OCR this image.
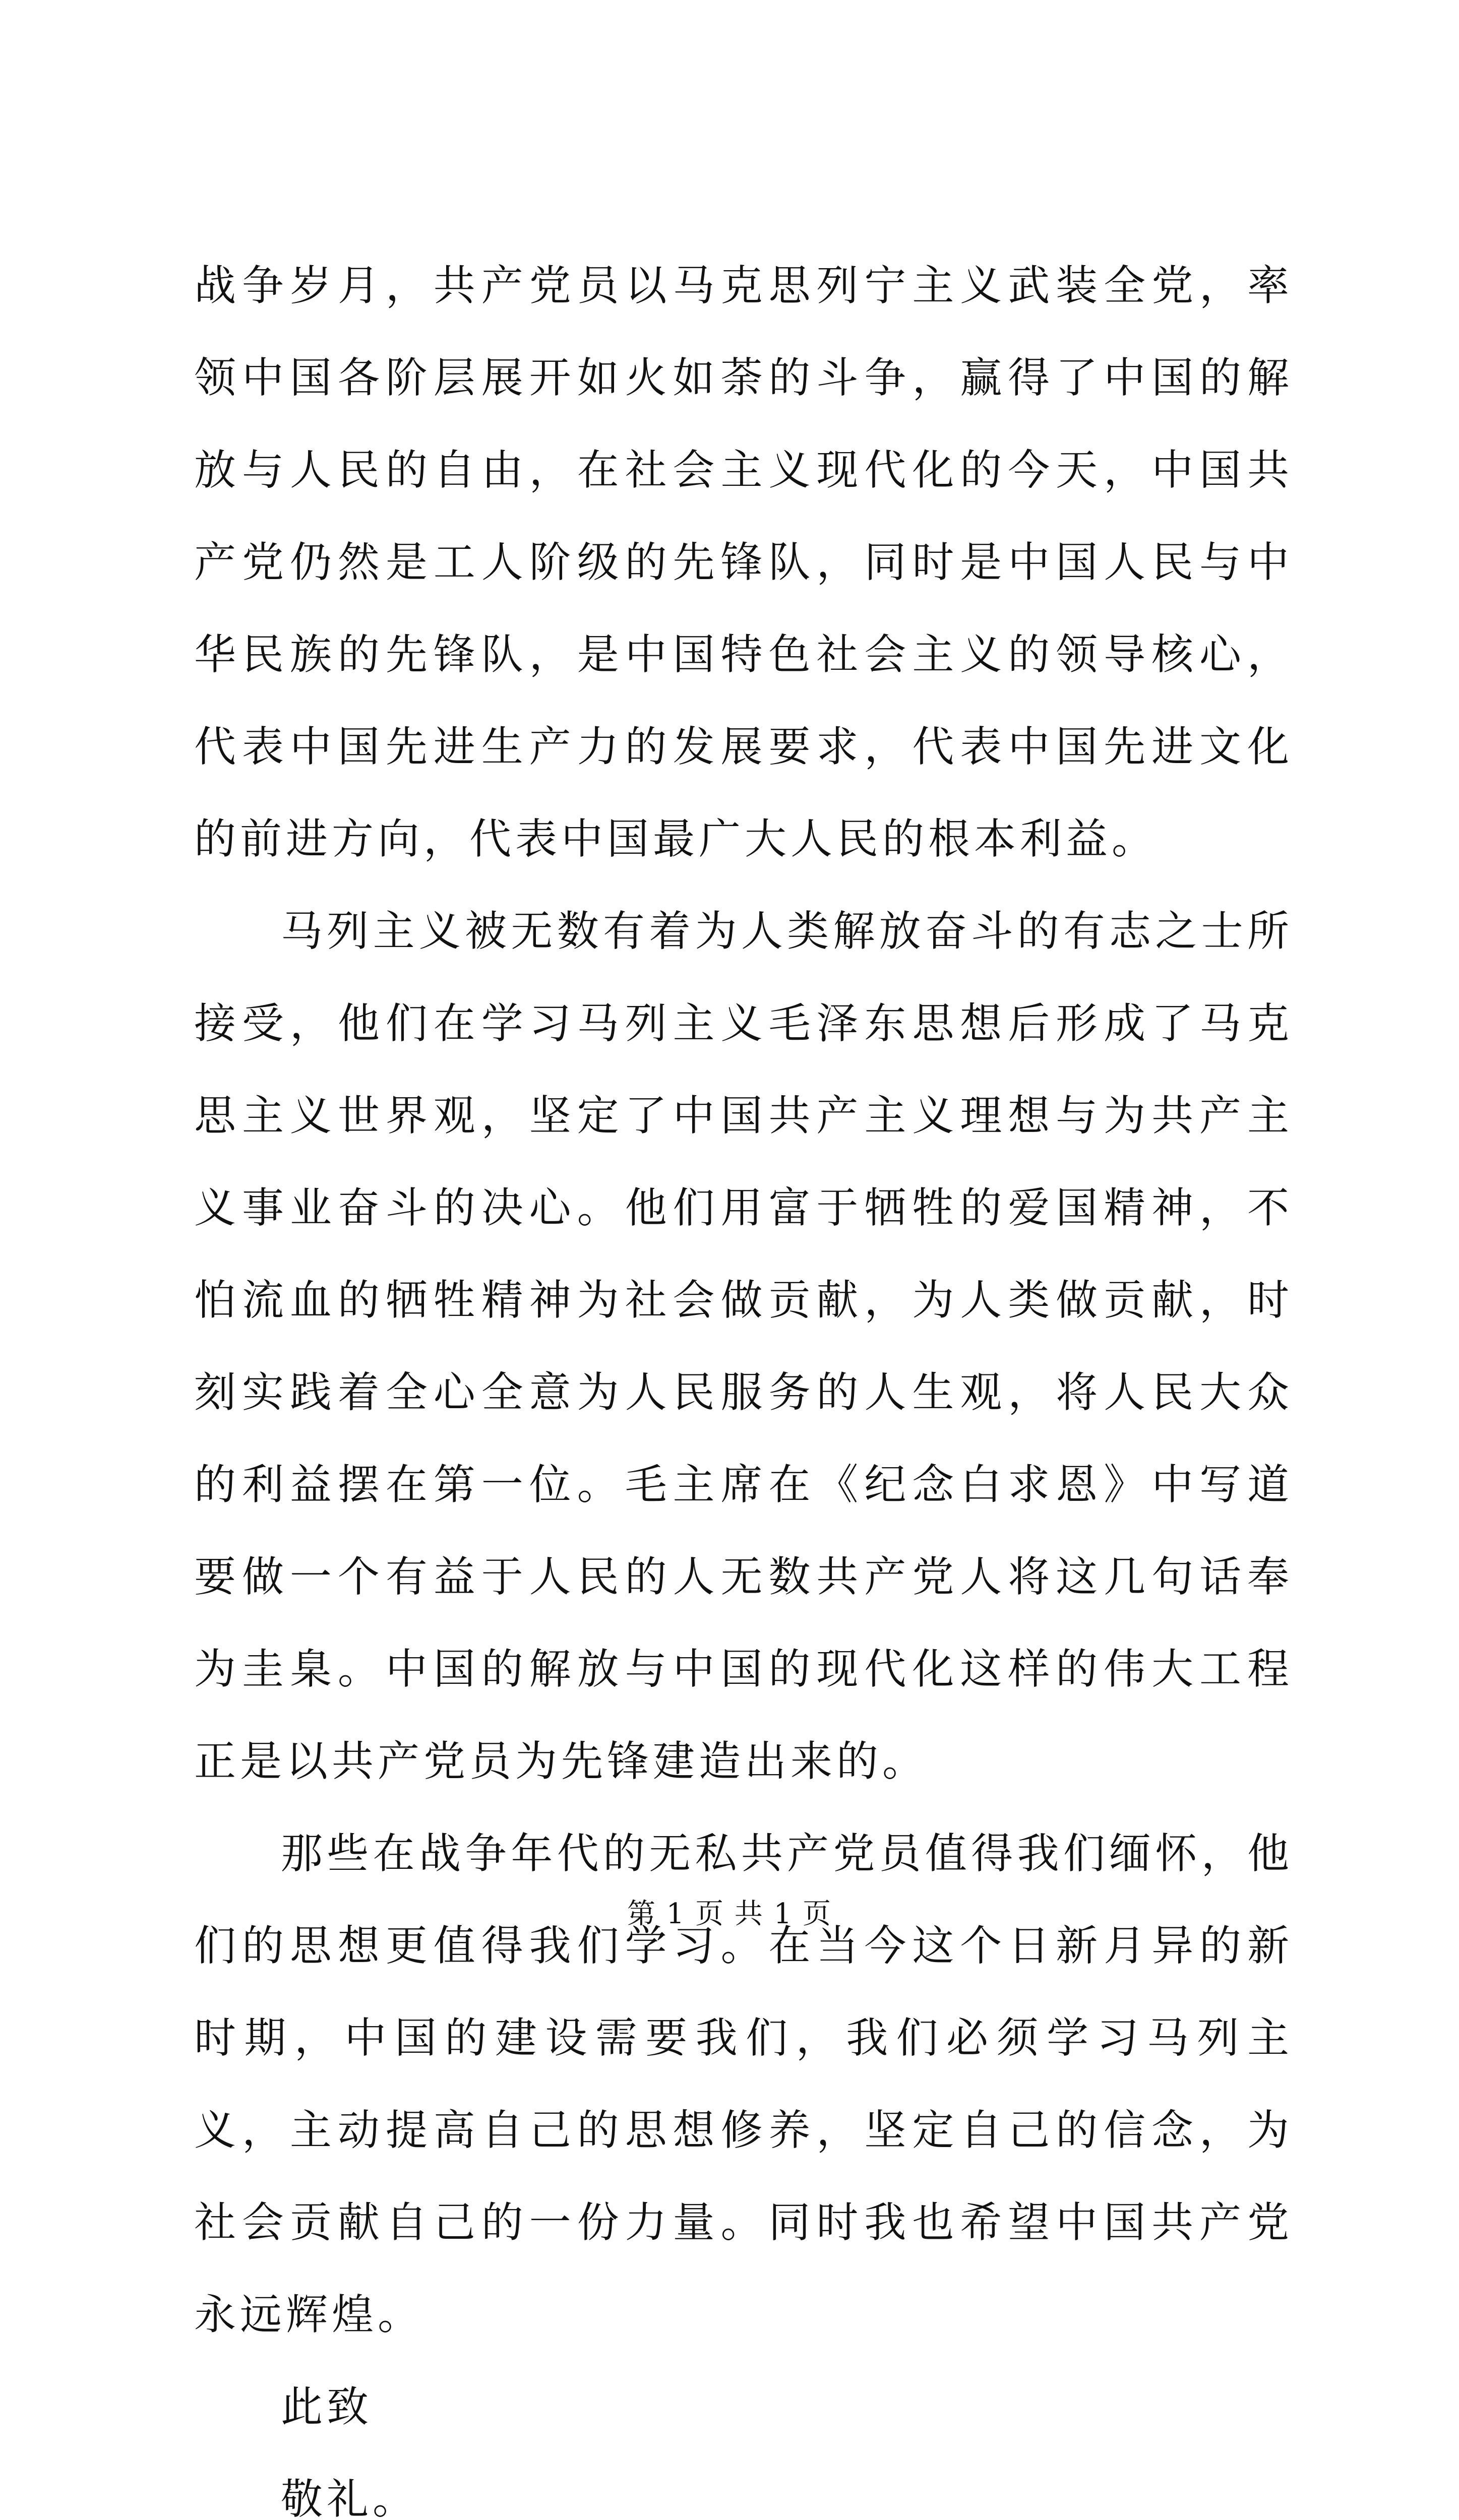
战争岁月，共产党员以马克思列宁主义武装全党，率领中国各阶层展开如火如荼的斗争，赢得了中国的解放与人民的自由，在社会主义现代化的今天，中国共产党仍然是工人阶级的先锋队，同时是中国人民与中华民族的先锋队，是中国特色社会主义的领导核心，代表中国先进生产力的发展要求，代表中国先进文化的前进方向，代表中国最广大人民的根本利益。

马列主义被无数有着为人类解放奋斗的有志之士所接受，他们在学习马列主义毛泽东思想后形成了马克思主义世界观，坚定了中国共产主义理想与为共产主义事业奋斗的决心。他们用富于牺牲的爱国精神，不怕流血的牺牲精神为社会做贡献，为人类做贡献，时刻实践着全心全意为人民服务的人生观，将人民大众的利益摆在第一位。毛主席在《纪念白求恩》中写道要做一个有益于人民的人无数共产党人将这几句话奉为圭臬。中国的解放与中国的现代化这样的伟大工程正是以共产党员为先锋建造出来的。

那些在战争年代的无私共产党员值得我们缅怀，他们的思想更值得我们学习。在当今这个日新月异的新时期，中国的建设需要我们，我们必须学习马列主义，主动提高自己的思想修养，坚定自己的信念，为社会贡献自己的一份力量。同时我也希望中国共产党永远辉煌。

此致

敬礼。

第 1 页 共 1 页
